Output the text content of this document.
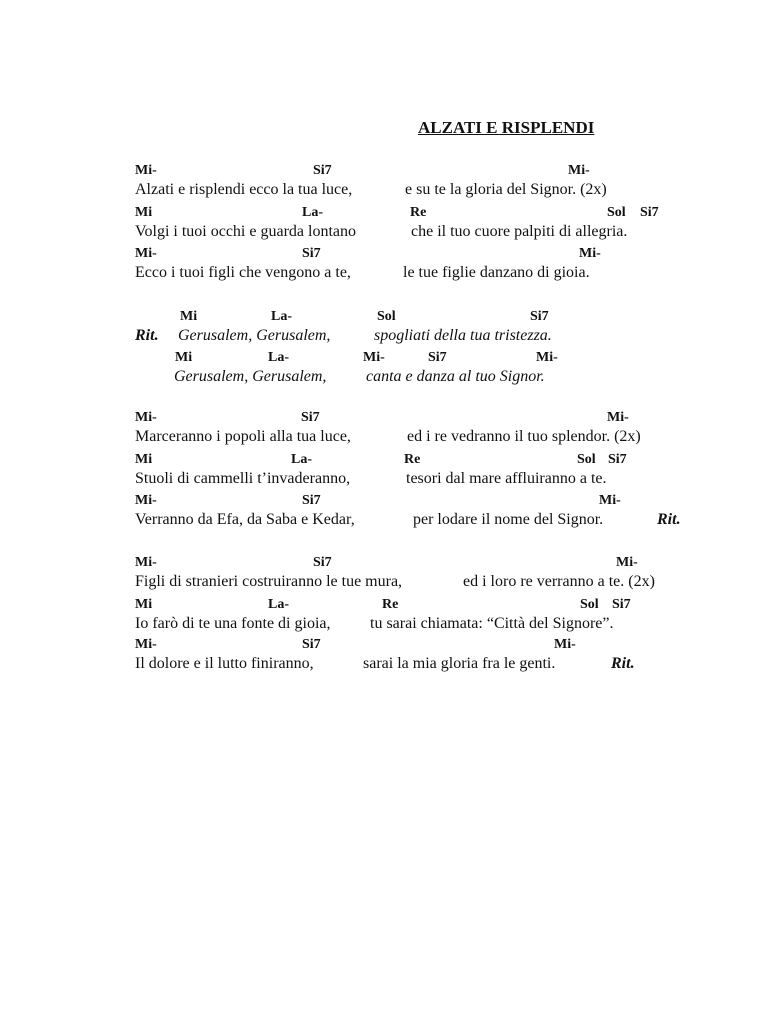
ALZATI E RISPLENDI
Mi-	Si7	Mi-
Alzati e risplendi ecco la tua luce,	e su te la gloria del Signor. (2x)
Mi	La-	Re	Sol Si7
Volgi i tuoi occhi e guarda lontano	che il tuo cuore palpiti di allegria.
Mi-	Si7	Mi-
Ecco i tuoi figli che vengono a te,	le tue figlie danzano di gioia.
Mi	La-	Sol	Si7
Rit. Gerusalem, Gerusalem,	spogliati della tua tristezza.
Mi	La-	Mi-	Si7	Mi-
Gerusalem, Gerusalem, canta e danza al tuo Signor.
Mi-	Si7	Mi-
Marceranno i popoli alla tua luce,	ed i re vedranno il tuo splendor. (2x)
Mi	La-	Re	Sol Si7
Stuoli di cammelli t’invaderanno,	tesori dal mare affluiranno a te.
Mi-	Si7	Mi-
Verranno da Efa, da Saba e Kedar,	per lodare il nome del Signor.	Rit.
Mi-	Si7	Mi-
Figli di stranieri costruiranno le tue mura,	ed i loro re verranno a te. (2x)
Mi	La-	Re	Sol Si7
Io farò di te una fonte di gioia, tu sarai chiamata: “Città del Signore”.
Mi-	Si7	Mi-
Il dolore e il lutto finiranno,	sarai la mia gloria fra le genti.	Rit.
